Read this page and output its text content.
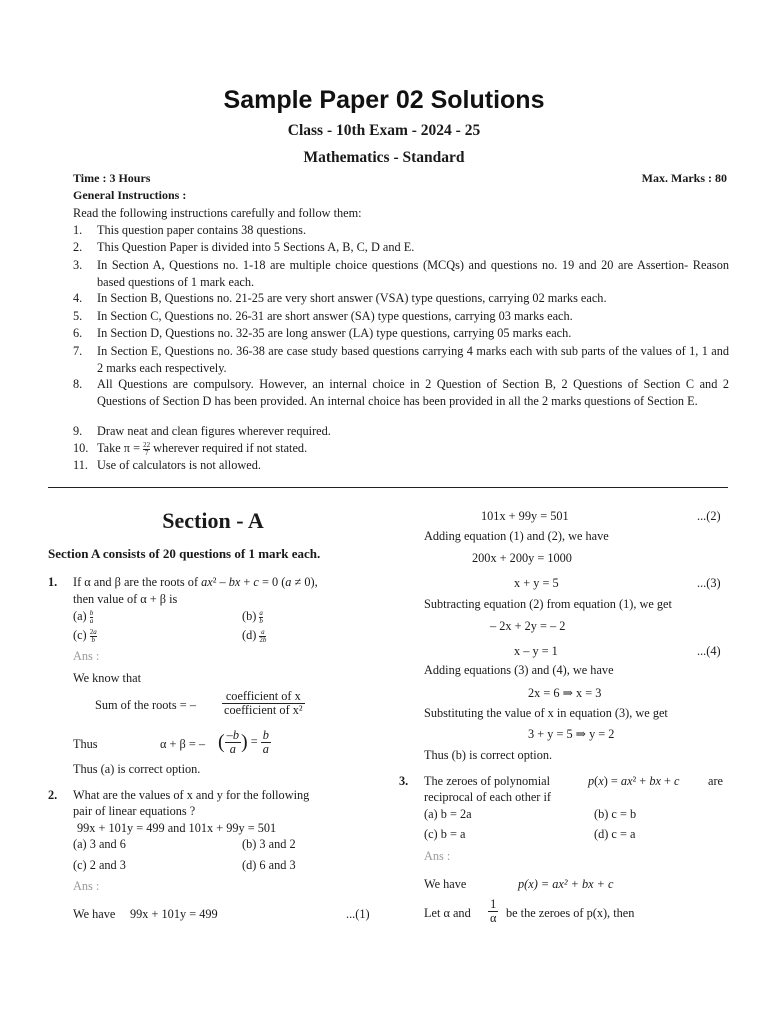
Sample Paper 02 Solutions
Class - 10th Exam - 2024 - 25
Mathematics - Standard
Time : 3 Hours	Max. Marks : 80
General Instructions :
Read the following instructions carefully and follow them:
1. This question paper contains 38 questions.
2. This Question Paper is divided into 5 Sections A, B, C, D and E.
3. In Section A, Questions no. 1-18 are multiple choice questions (MCQs) and questions no. 19 and 20 are Assertion- Reason based questions of 1 mark each.
4. In Section B, Questions no. 21-25 are very short answer (VSA) type questions, carrying 02 marks each.
5. In Section C, Questions no. 26-31 are short answer (SA) type questions, carrying 03 marks each.
6. In Section D, Questions no. 32-35 are long answer (LA) type questions, carrying 05 marks each.
7. In Section E, Questions no. 36-38 are case study based questions carrying 4 marks each with sub parts of the values of 1, 1 and 2 marks each respectively.
8. All Questions are compulsory. However, an internal choice in 2 Question of Section B, 2 Questions of Section C and 2 Questions of Section D has been provided. An internal choice has been provided in all the 2 marks questions of Section E.
9. Draw neat and clean figures wherever required.
10. Take $\pi = \frac{22}{7}$ wherever required if not stated.
11. Use of calculators is not allowed.
Section - A
Section A consists of 20 questions of 1 mark each.
1. If α and β are the roots of ax² – bx + c = 0 (a ≠ 0),
then value of α + β is
$(a) \frac{b}{a}$	$(b) \frac{a}{b}$
$(c) \frac{2a}{b}$	$(d) \frac{a}{2b}$
Ans :
We know that
Sum of the roots = –
coefficient of x
coefficient of x²
Thus	α + β = – ( $\frac{-b}{a}$ ) = $\frac{b}{a}$
Thus (a) is correct option.
2. What are the values of x and y for the following
pair of linear equations ?
99x + 101y = 499 and 101x + 99y = 501
(a) 3 and 6	(b) 3 and 2
(c) 2 and 3	(d) 6 and 3
Ans :
We have 99x + 101y = 499	...(1)
101x + 99y = 501	...(2)
Adding equation (1) and (2), we have
200x + 200y = 1000
x + y = 5	...(3)
Subtracting equation (2) from equation (1), we get
– 2x + 2y = – 2
x – y = 1	...(4)
Adding equations (3) and (4), we have
2x = 6 ⇒ x = 3
Substituting the value of x in equation (3), we get
3 + y = 5 ⇒ y = 2
Thus (b) is correct option.
3. The zeroes of polynomial	p(x) = ax² + bx + c are
reciprocal of each other if
(a) b = 2a	(b) c = b
(c) b = a	(d) c = a
Ans :
We have	p(x) = ax² + bx + c
Let α and $\frac{1}{\alpha}$ be the zeroes of p(x), then
